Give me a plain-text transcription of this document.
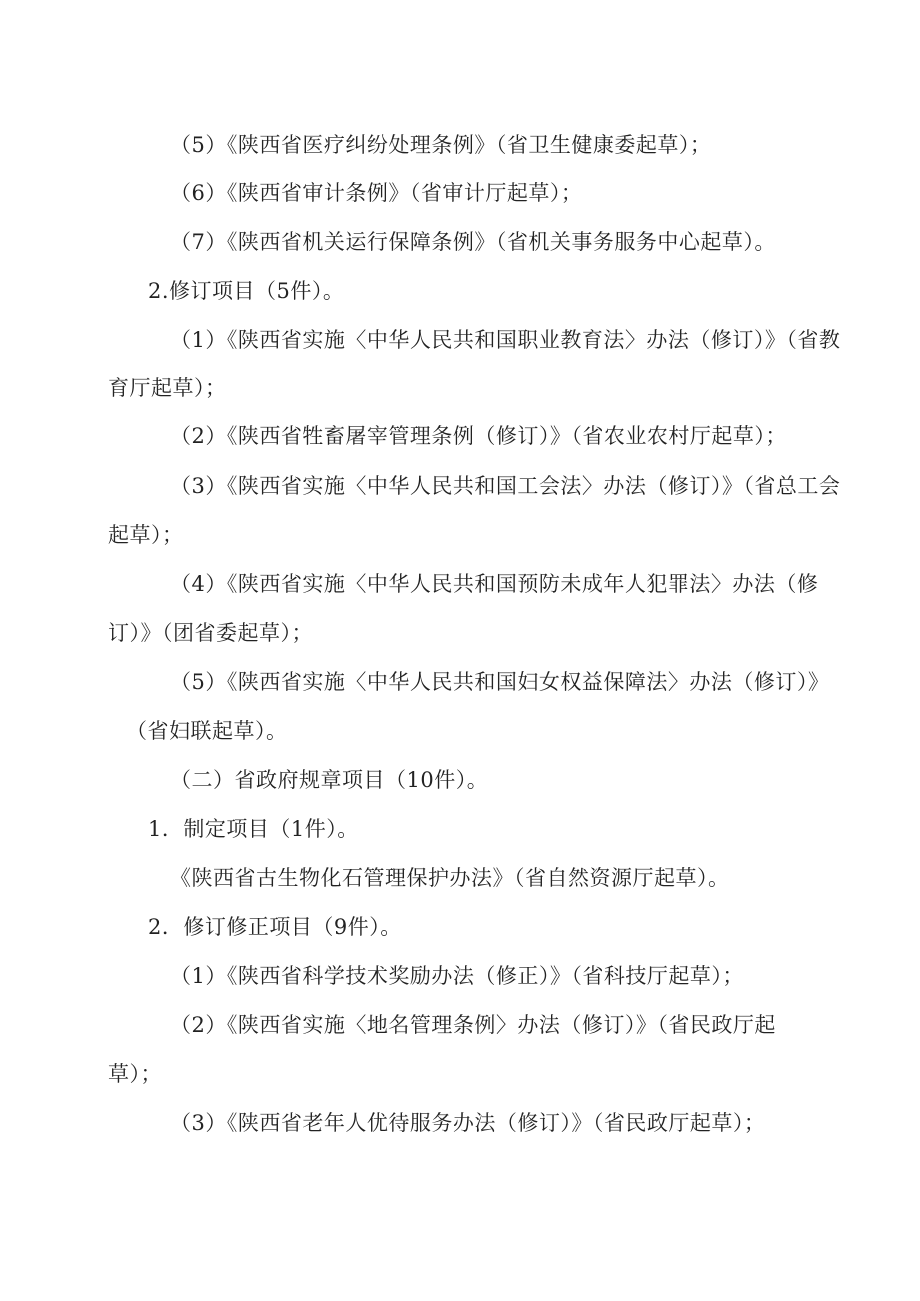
（5）《陕西省医疗纠纷处理条例》（省卫生健康委起草）；
（6）《陕西省审计条例》（省审计厅起草）；
（7）《陕西省机关运行保障条例》（省机关事务服务中心起草）。
2.修订项目（5件）。
（1）《陕西省实施〈中华人民共和国职业教育法〉办法（修订）》（省教
育厅起草）；
（2）《陕西省牲畜屠宰管理条例（修订）》（省农业农村厅起草）；
（3）《陕西省实施〈中华人民共和国工会法〉办法（修订）》（省总工会
起草）；
（4）《陕西省实施〈中华人民共和国预防未成年人犯罪法〉办法（修
订）》（团省委起草）；
（5）《陕西省实施〈中华人民共和国妇女权益保障法〉办法（修订）》
（省妇联起草）。
（二）省政府规章项目（10件）。
1．制定项目（1件）。
《陕西省古生物化石管理保护办法》（省自然资源厅起草）。
2．修订修正项目（9件）。
（1）《陕西省科学技术奖励办法（修正）》（省科技厅起草）；
（2）《陕西省实施〈地名管理条例〉办法（修订）》（省民政厅起
草）；
（3）《陕西省老年人优待服务办法（修订）》（省民政厅起草）；
